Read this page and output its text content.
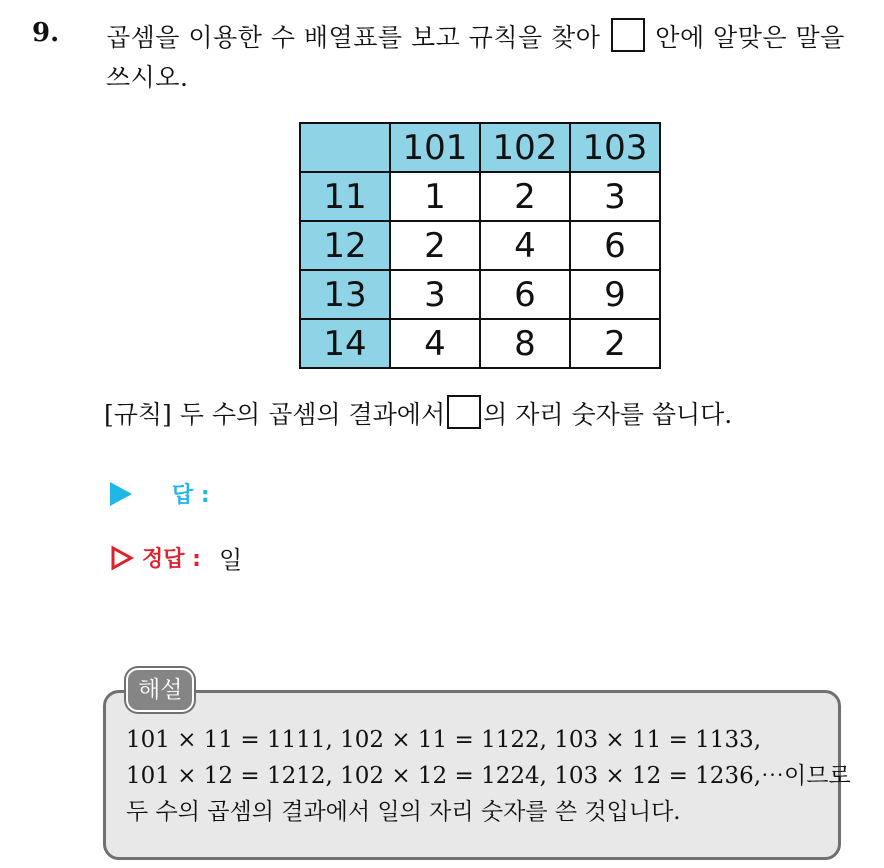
9. 곱셈을 이용한 수 배열표를 보고 규칙을 찾아 안에 알맞은 말을
쓰시오.
	101	102	103
11	1	2	3
12	2	4	6
13	3	6	9
14	4	8	2
[규칙] 두 수의 곱셈의 결과에서 의 자리 숫자를 씁니다.
답 :
정답 : 일
해설
101 × 11 = 1111, 102 × 11 = 1122, 103 × 11 = 1133,
101 × 12 = 1212, 102 × 12 = 1224, 103 × 12 = 1236,⋯이므로
두 수의 곱셈의 결과에서 일의 자리 숫자를 쓴 것입니다.
